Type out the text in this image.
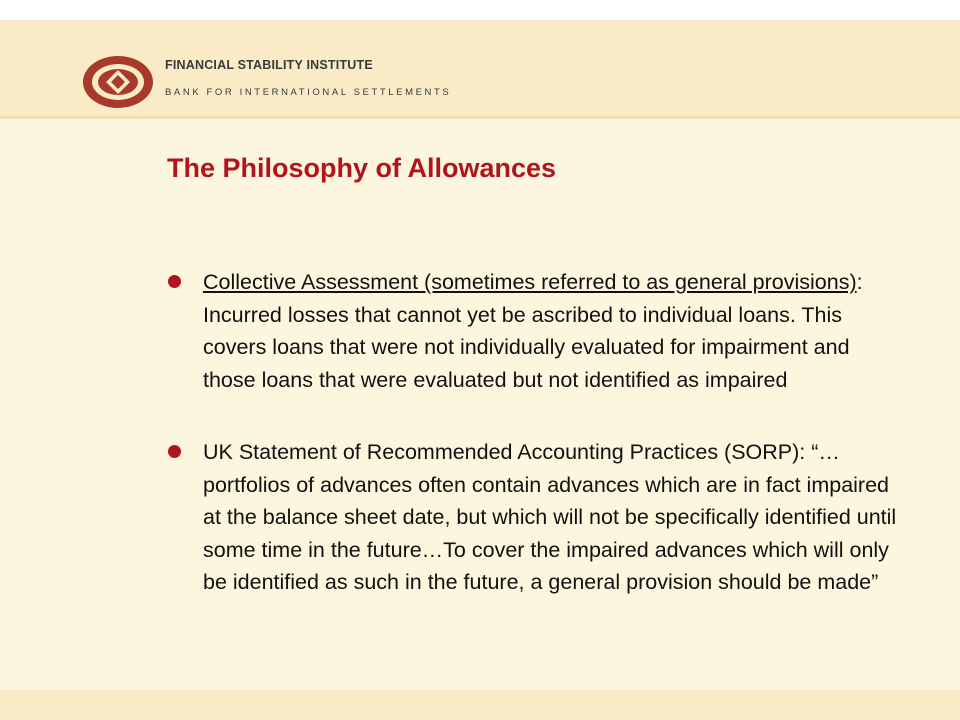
FINANCIAL STABILITY INSTITUTE
BANK FOR INTERNATIONAL SETTLEMENTS
The Philosophy of Allowances
Collective Assessment (sometimes referred to as general provisions): Incurred losses that cannot yet be ascribed to individual loans. This covers loans that were not individually evaluated for impairment and those loans that were evaluated but not identified as impaired
UK Statement of Recommended Accounting Practices (SORP): “…portfolios of advances often contain advances which are in fact impaired at the balance sheet date, but which will not be specifically identified until some time in the future…To cover the impaired advances which will only be identified as such in the future, a general provision should be made”
